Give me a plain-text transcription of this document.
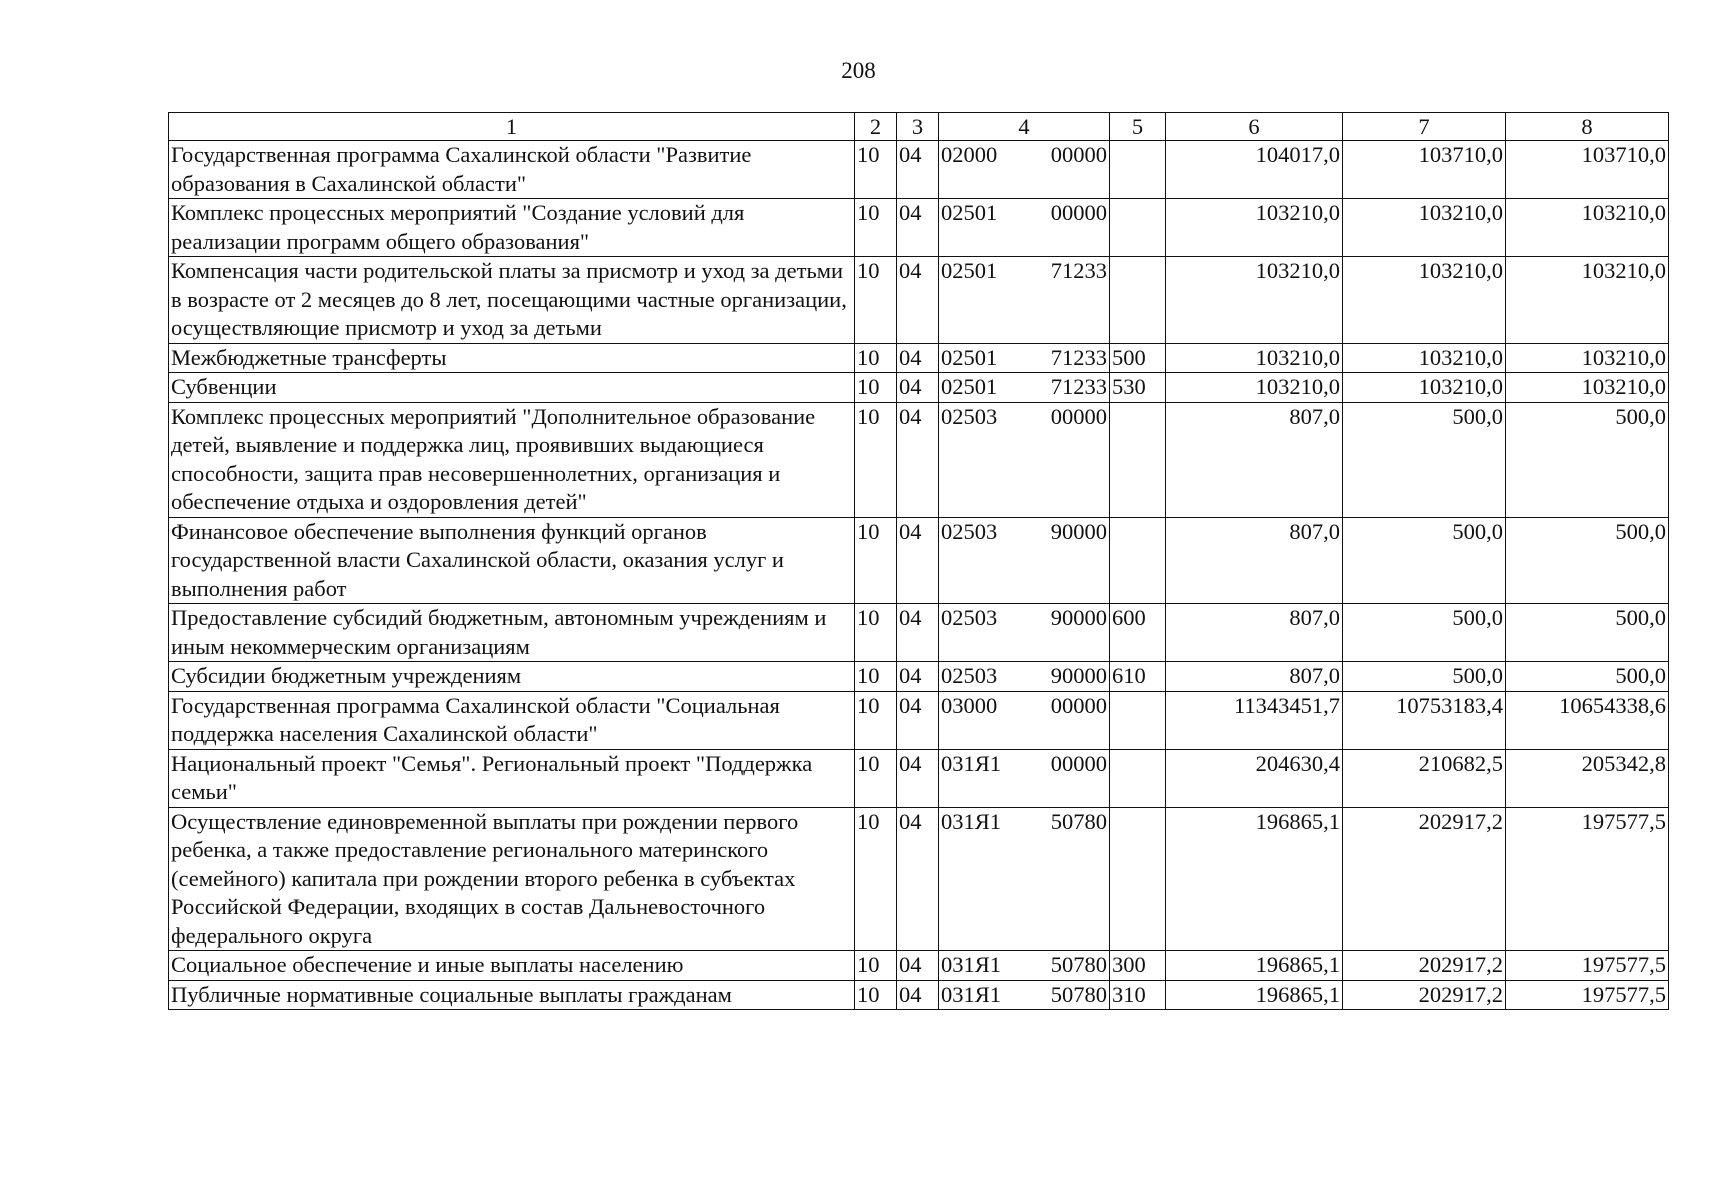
208
1	2	3	4		5	6	7	8
Государственная программа Сахалинской области "Развитие образования в Сахалинской области"	10	04	02000	00000		104017,0	103710,0	103710,0
Комплекс процессных мероприятий "Создание условий для реализации программ общего образования"	10	04	02501	00000		103210,0	103210,0	103210,0
Компенсация части родительской платы за присмотр и уход за детьми в возрасте от 2 месяцев до 8 лет, посещающими частные организации, осуществляющие присмотр и уход за детьми	10	04	02501	71233		103210,0	103210,0	103210,0
Межбюджетные трансферты	10	04	02501	71233	500	103210,0	103210,0	103210,0
Субвенции	10	04	02501	71233	530	103210,0	103210,0	103210,0
Комплекс процессных мероприятий "Дополнительное образование детей, выявление и поддержка лиц, проявивших выдающиеся способности, защита прав несовершеннолетних, организация и обеспечение отдыха и оздоровления детей"	10	04	02503	00000		807,0	500,0	500,0
Финансовое обеспечение выполнения функций органов государственной власти Сахалинской области, оказания услуг и выполнения работ	10	04	02503	90000		807,0	500,0	500,0
Предоставление субсидий бюджетным, автономным учреждениям и иным некоммерческим организациям	10	04	02503	90000	600	807,0	500,0	500,0
Субсидии бюджетным учреждениям	10	04	02503	90000	610	807,0	500,0	500,0
Государственная программа Сахалинской области "Социальная поддержка населения Сахалинской области"	10	04	03000	00000		11343451,7	10753183,4	10654338,6
Национальный проект "Семья". Региональный проект "Поддержка семьи"	10	04	031Я1	00000		204630,4	210682,5	205342,8
Осуществление единовременной выплаты при рождении первого ребенка, а также предоставление регионального материнского (семейного) капитала при рождении второго ребенка в субъектах Российской Федерации, входящих в состав Дальневосточного федерального округа	10	04	031Я1	50780		196865,1	202917,2	197577,5
Социальное обеспечение и иные выплаты населению	10	04	031Я1	50780	300	196865,1	202917,2	197577,5
Публичные нормативные социальные выплаты гражданам	10	04	031Я1	50780	310	196865,1	202917,2	197577,5
